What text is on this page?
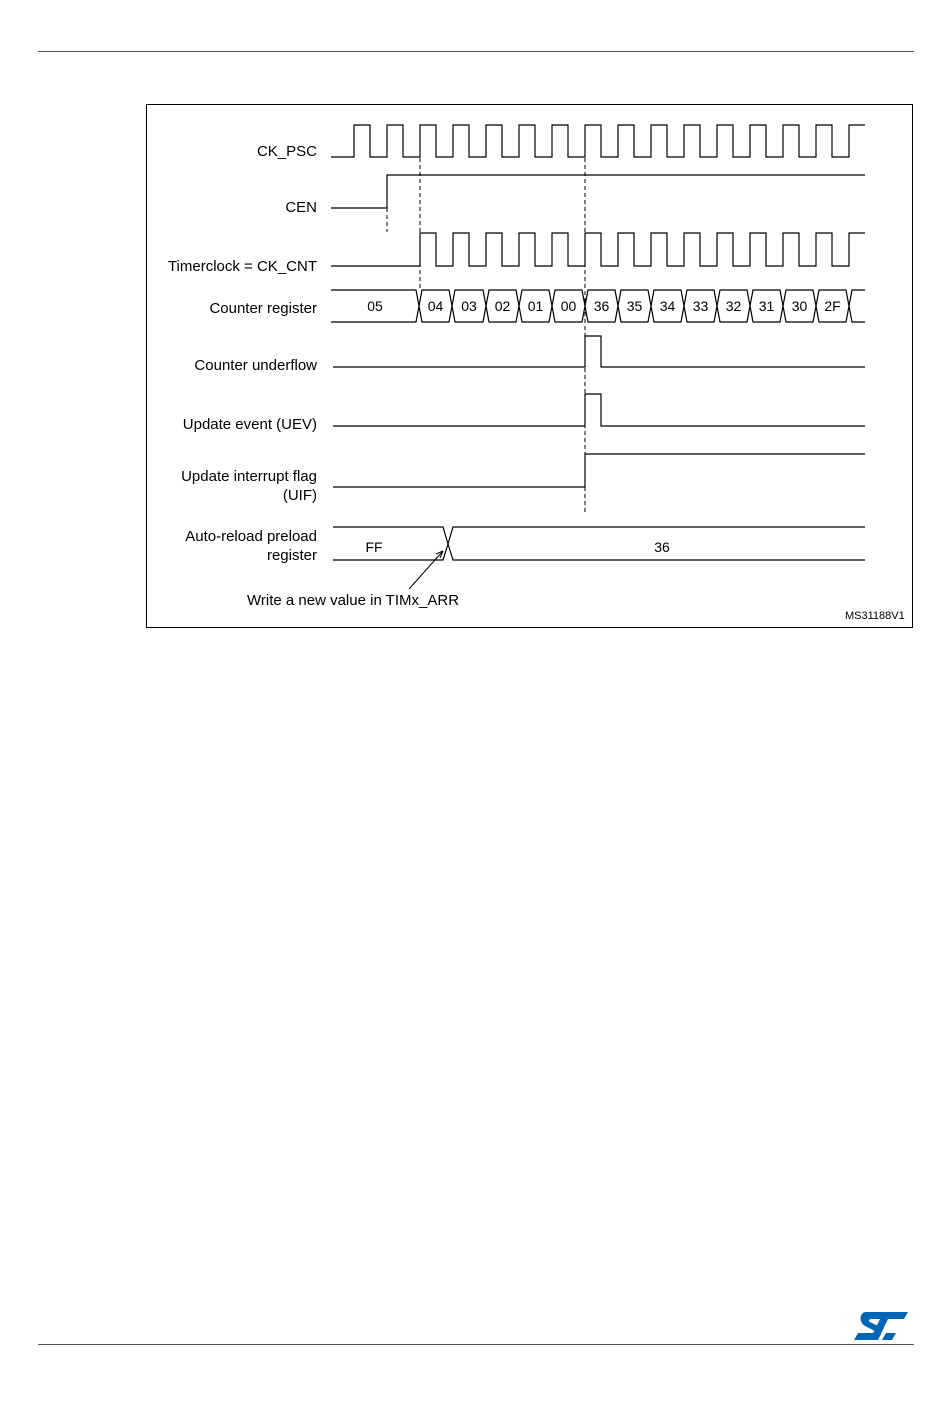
CK_PSC
CEN
Timerclock = CK_CNT
Counter register
Counter underflow
Update event (UEV)
Update interrupt flag
(UIF)
Auto-reload preload
register
05	04	03	02	01	00	36	35	34	33	32	31	30	2F
FF	36
Write a new value in TIMx_ARR
MS31188V1
